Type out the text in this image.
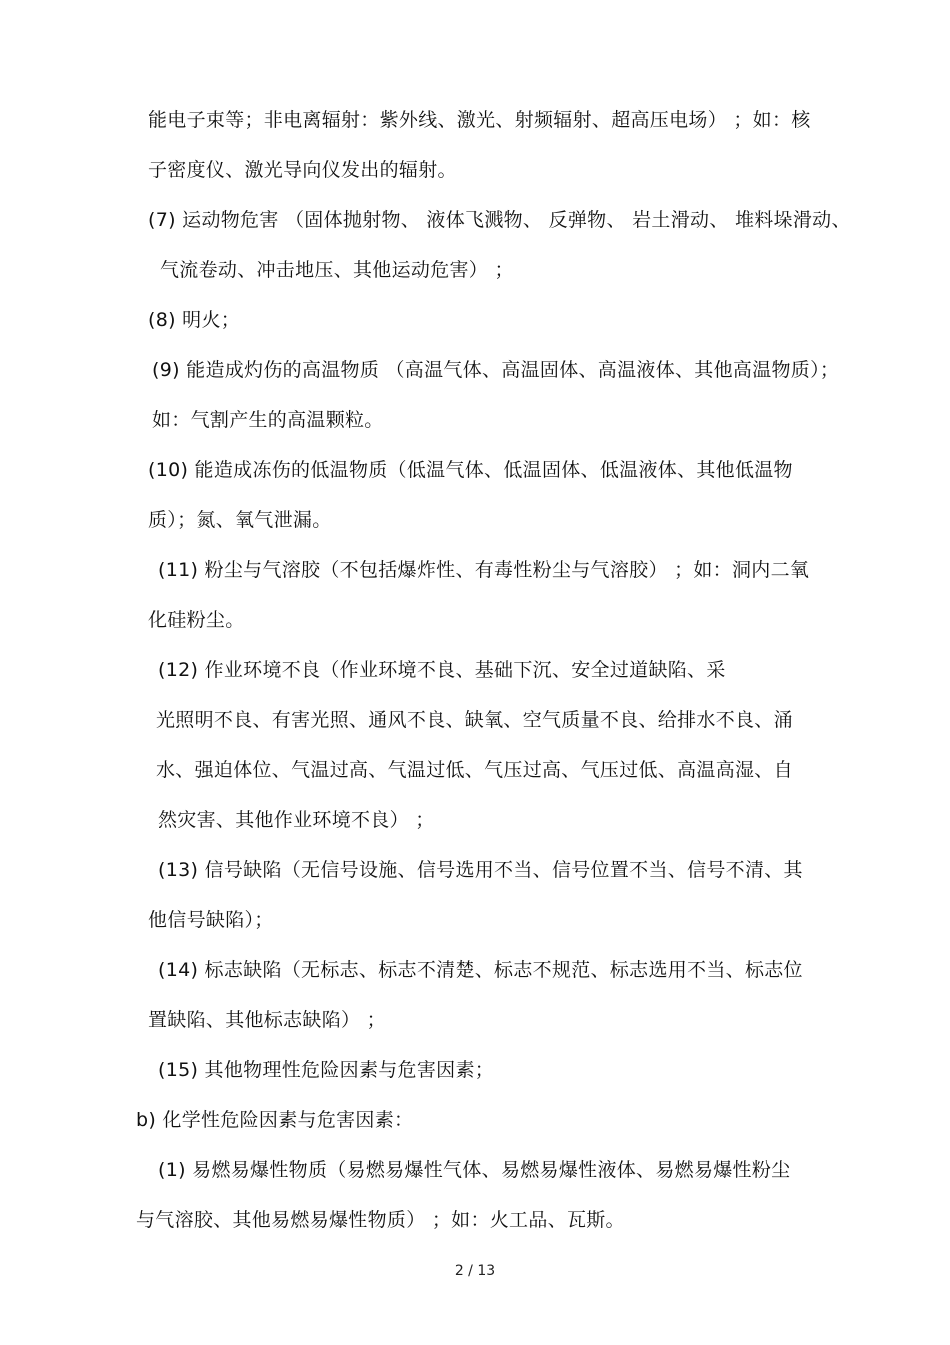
能电子束等；非电离辐射：紫外线、激光、射频辐射、超高压电场） ；如：核
子密度仪、激光导向仪发出的辐射。
(7) 运动物危害 （固体抛射物、 液体飞溅物、 反弹物、 岩土滑动、 堆料垛滑动、
气流卷动、冲击地压、其他运动危害） ；
(8) 明火；
(9) 能造成灼伤的高温物质 （高温气体、高温固体、高温液体、其他高温物质）；
如：气割产生的高温颗粒。
(10) 能造成冻伤的低温物质（低温气体、低温固体、低温液体、其他低温物
质）；氮、氧气泄漏。
(11) 粉尘与气溶胶（不包括爆炸性、有毒性粉尘与气溶胶） ；如：洞内二氧
化硅粉尘。
(12) 作业环境不良（作业环境不良、基础下沉、安全过道缺陷、采
光照明不良、有害光照、通风不良、缺氧、空气质量不良、给排水不良、涌
水、强迫体位、气温过高、气温过低、气压过高、气压过低、高温高湿、自
然灾害、其他作业环境不良） ；
(13) 信号缺陷（无信号设施、信号选用不当、信号位置不当、信号不清、其
他信号缺陷）；
(14) 标志缺陷（无标志、标志不清楚、标志不规范、标志选用不当、标志位
置缺陷、其他标志缺陷） ；
(15) 其他物理性危险因素与危害因素；
b) 化学性危险因素与危害因素：
(1) 易燃易爆性物质（易燃易爆性气体、易燃易爆性液体、易燃易爆性粉尘
与气溶胶、其他易燃易爆性物质） ；如：火工品、瓦斯。
2 / 13
